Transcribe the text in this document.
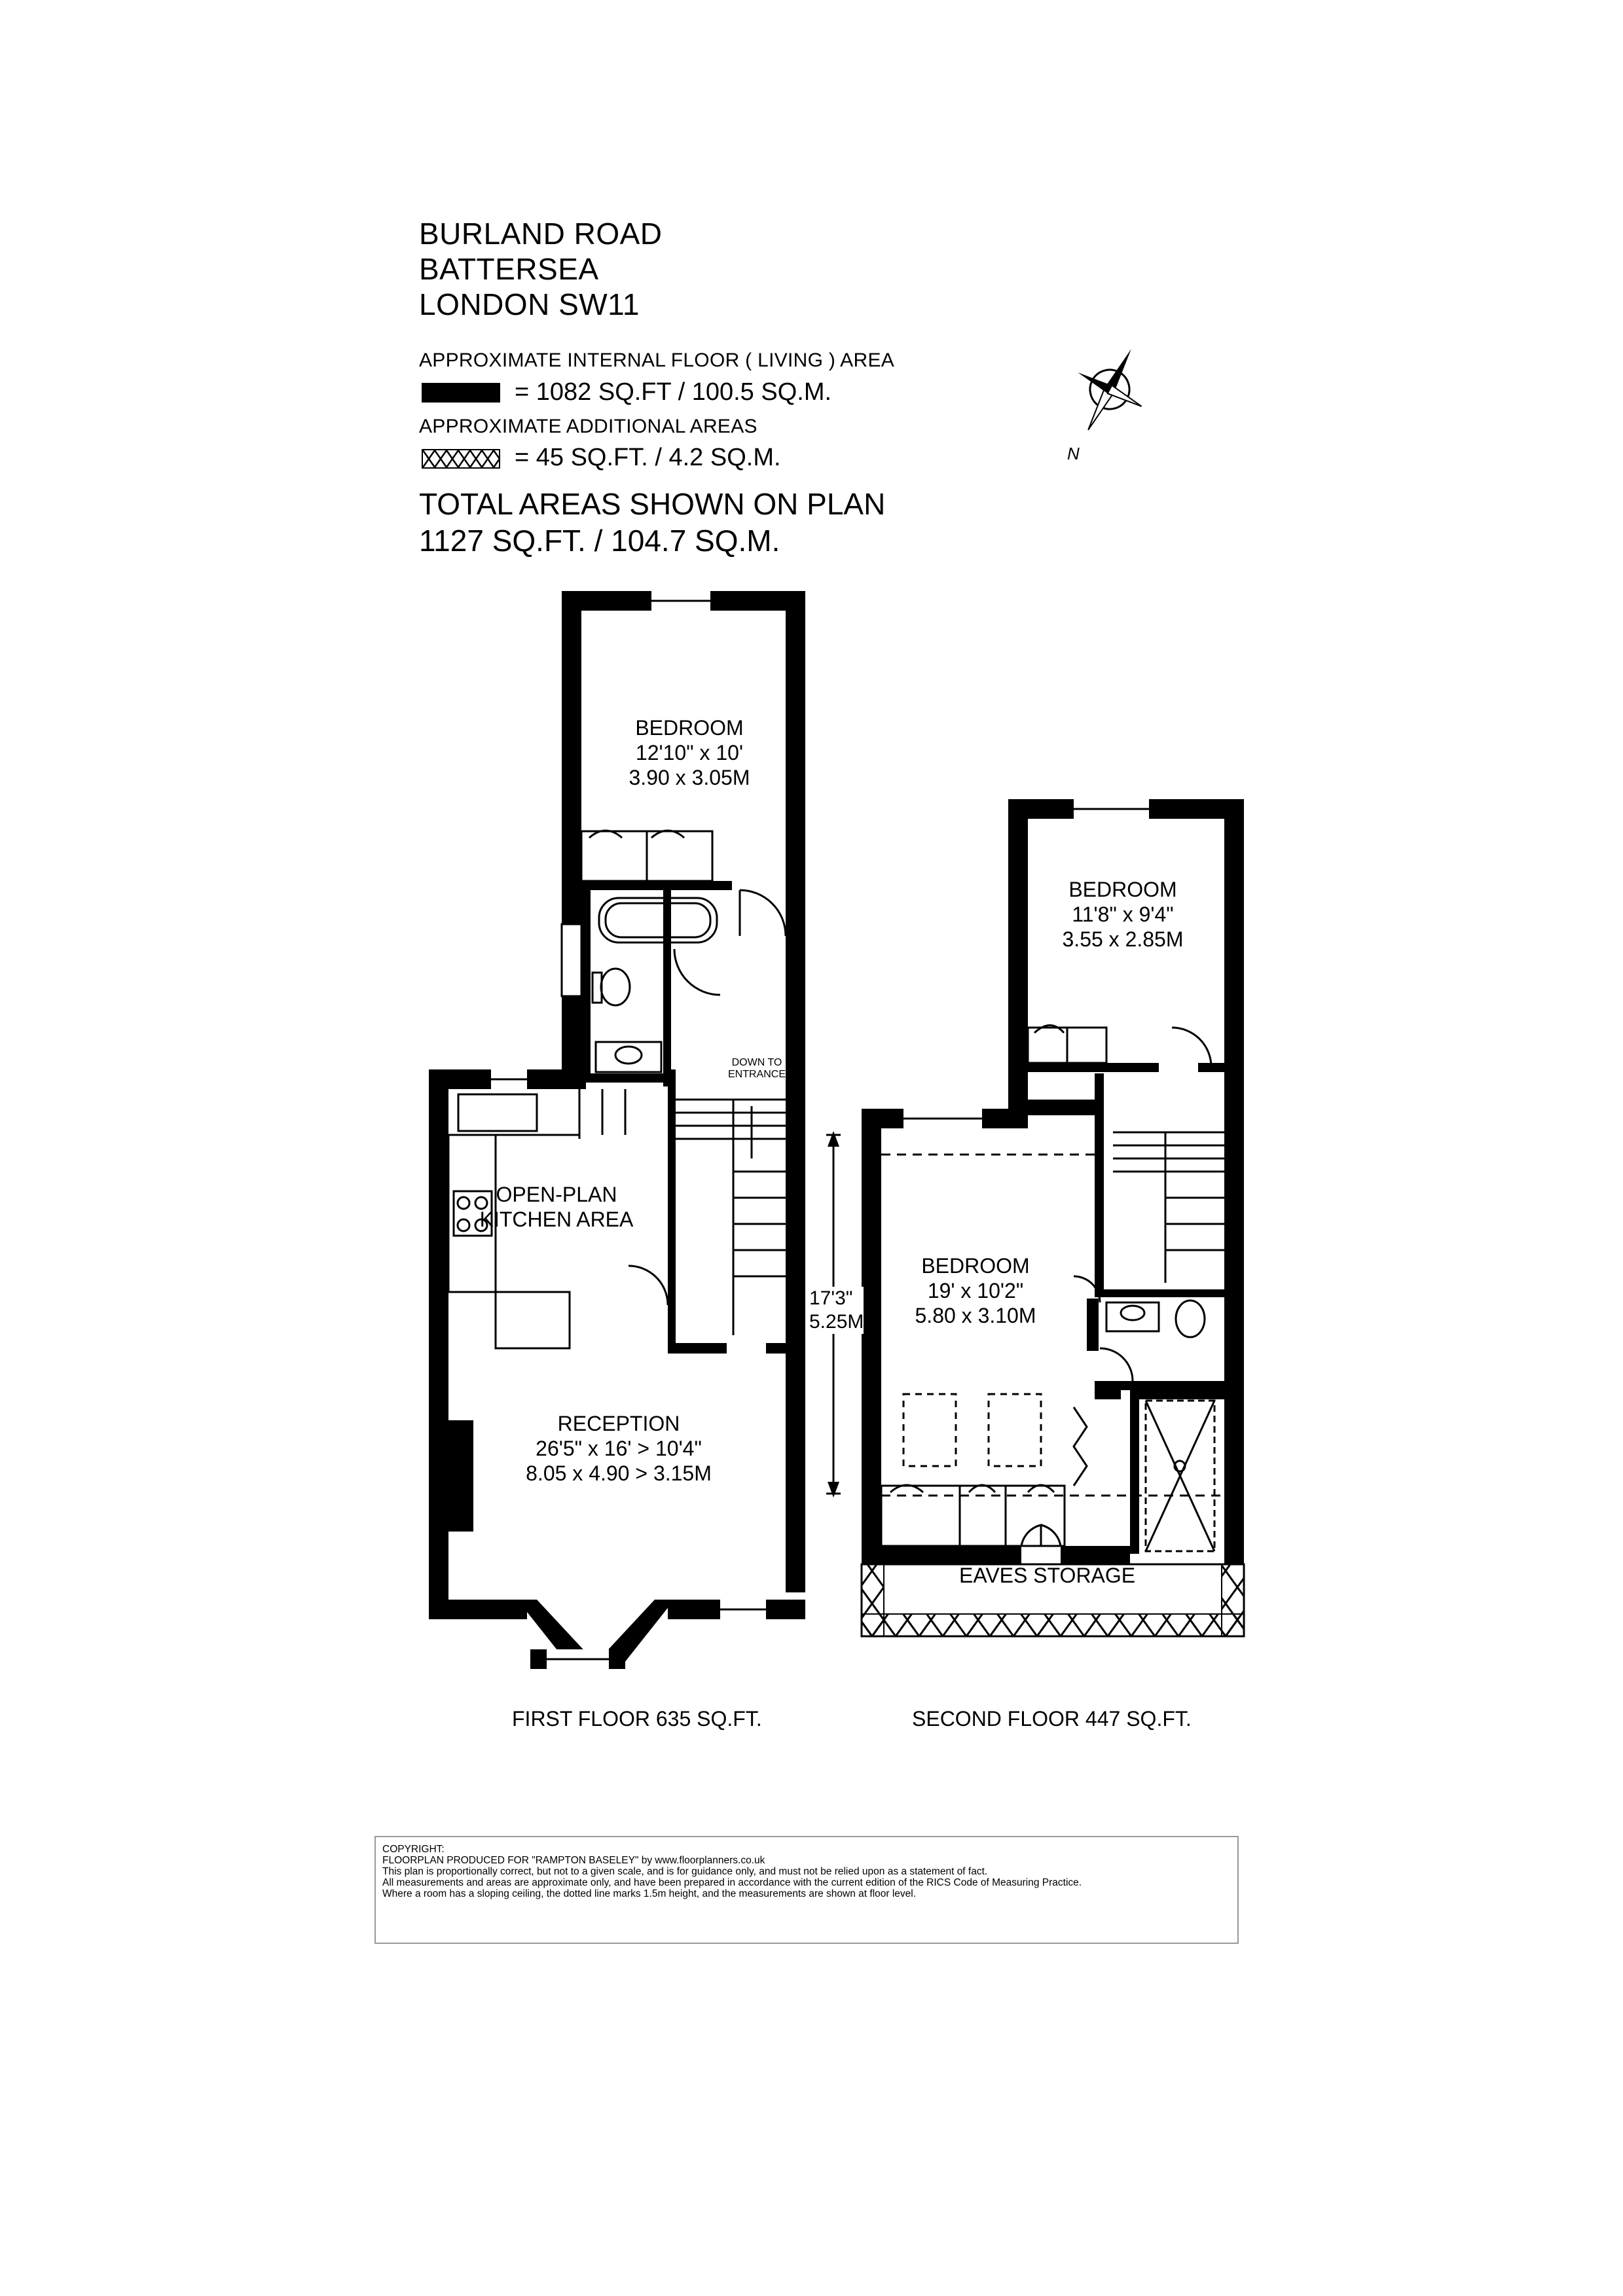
BURLAND ROAD
BATTERSEA
LONDON SW11
APPROXIMATE INTERNAL FLOOR ( LIVING ) AREA
= 1082 SQ.FT / 100.5 SQ.M.
APPROXIMATE ADDITIONAL AREAS
= 45 SQ.FT. / 4.2 SQ.M.
TOTAL AREAS SHOWN ON PLAN
1127 SQ.FT. / 104.7 SQ.M.
N
BEDROOM
12'10" x 10'
3.90 x 3.05M
OPEN-PLAN
KITCHEN AREA
RECEPTION
26'5" x 16' > 10'4"
8.05 x 4.90 > 3.15M
DOWN TO
ENTRANCE
FIRST FLOOR 635 SQ.FT.
BEDROOM
11'8" x 9'4"
3.55 x 2.85M
BEDROOM
19' x 10'2"
5.80 x 3.10M
17'3"
5.25M
EAVES STORAGE
SECOND FLOOR 447 SQ.FT.
COPYRIGHT:
FLOORPLAN PRODUCED FOR "RAMPTON BASELEY" by www.floorplanners.co.uk
This plan is proportionally correct, but not to a given scale, and is for guidance only, and must not be relied upon as a statement of fact.
All measurements and areas are approximate only, and have been prepared in accordance with the current edition of the RICS Code of Measuring Practice.
Where a room has a sloping ceiling, the dotted line marks 1.5m height, and the measurements are shown at floor level.
